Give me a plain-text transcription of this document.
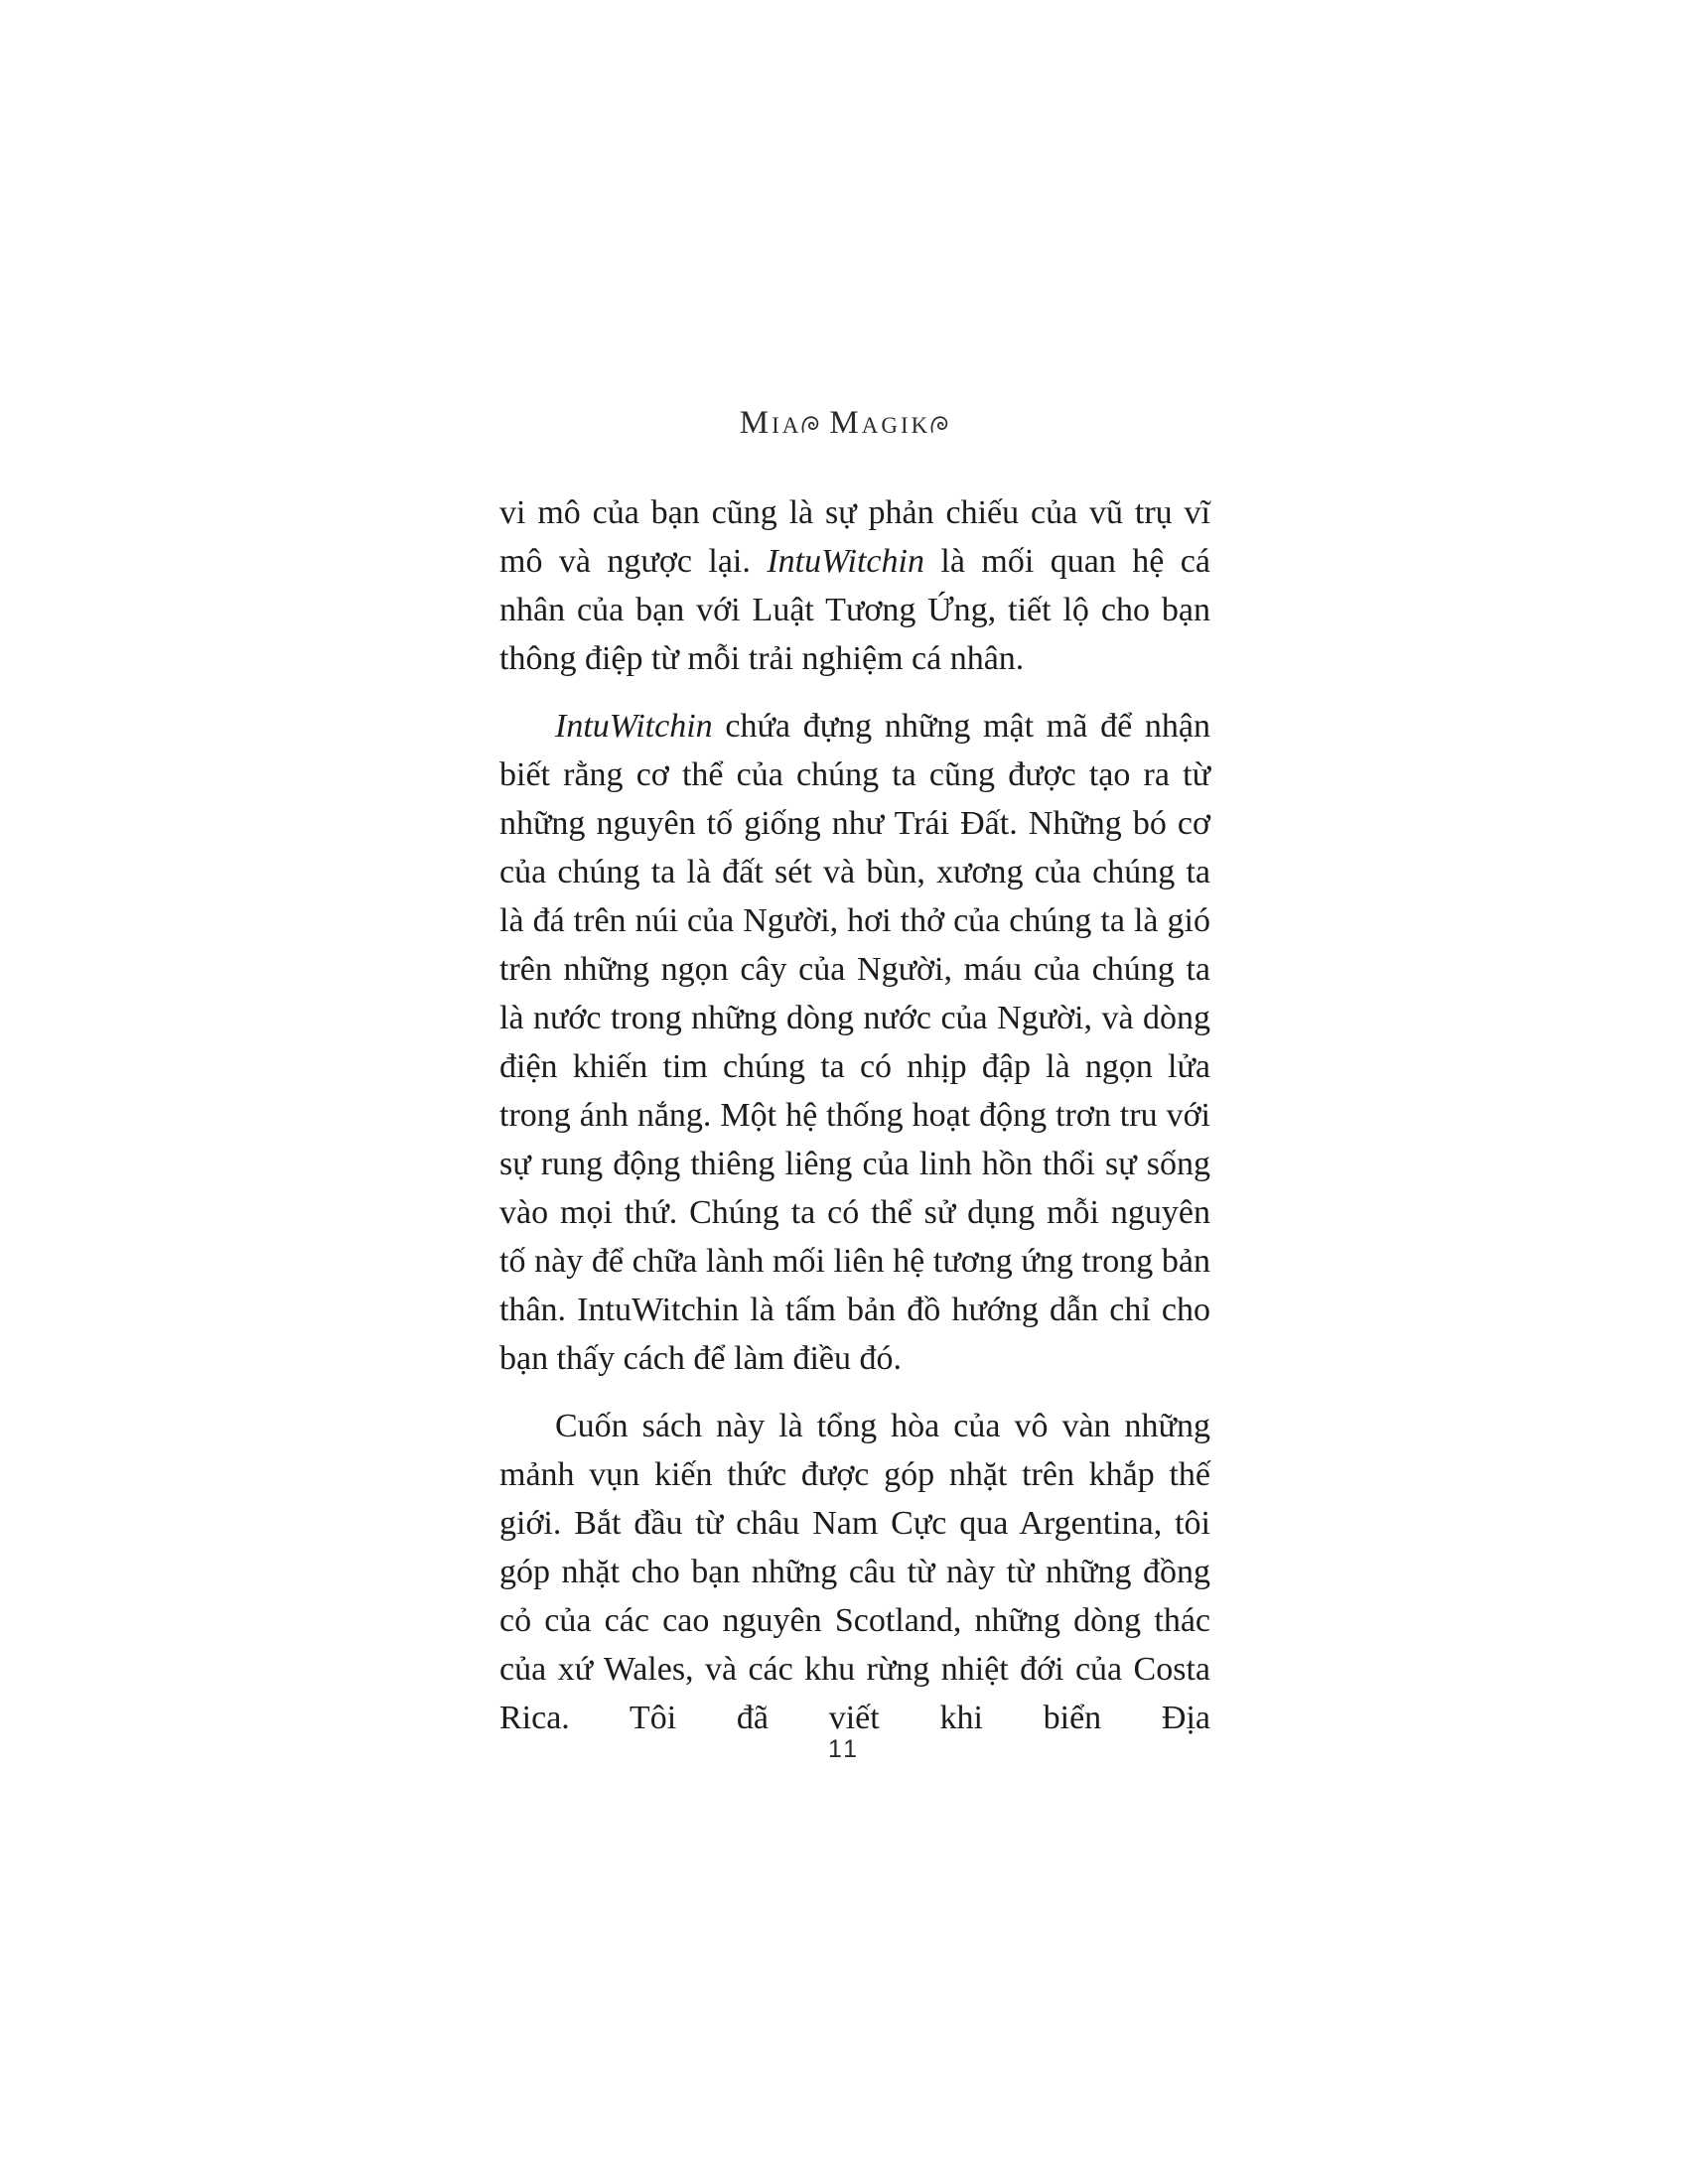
Mia Magik

vi mô của bạn cũng là sự phản chiếu của vũ trụ vĩ mô và ngược lại. IntuWitchin là mối quan hệ cá nhân của bạn với Luật Tương Ứng, tiết lộ cho bạn thông điệp từ mỗi trải nghiệm cá nhân.

IntuWitchin chứa đựng những mật mã để nhận biết rằng cơ thể của chúng ta cũng được tạo ra từ những nguyên tố giống như Trái Đất. Những bó cơ của chúng ta là đất sét và bùn, xương của chúng ta là đá trên núi của Người, hơi thở của chúng ta là gió trên những ngọn cây của Người, máu của chúng ta là nước trong những dòng nước của Người, và dòng điện khiến tim chúng ta có nhịp đập là ngọn lửa trong ánh nắng. Một hệ thống hoạt động trơn tru với sự rung động thiêng liêng của linh hồn thổi sự sống vào mọi thứ. Chúng ta có thể sử dụng mỗi nguyên tố này để chữa lành mối liên hệ tương ứng trong bản thân. IntuWitchin là tấm bản đồ hướng dẫn chỉ cho bạn thấy cách để làm điều đó.

Cuốn sách này là tổng hòa của vô vàn những mảnh vụn kiến thức được góp nhặt trên khắp thế giới. Bắt đầu từ châu Nam Cực qua Argentina, tôi góp nhặt cho bạn những câu từ này từ những đồng cỏ của các cao nguyên Scotland, những dòng thác của xứ Wales, và các khu rừng nhiệt đới của Costa Rica. Tôi đã viết khi biển Địa

11
